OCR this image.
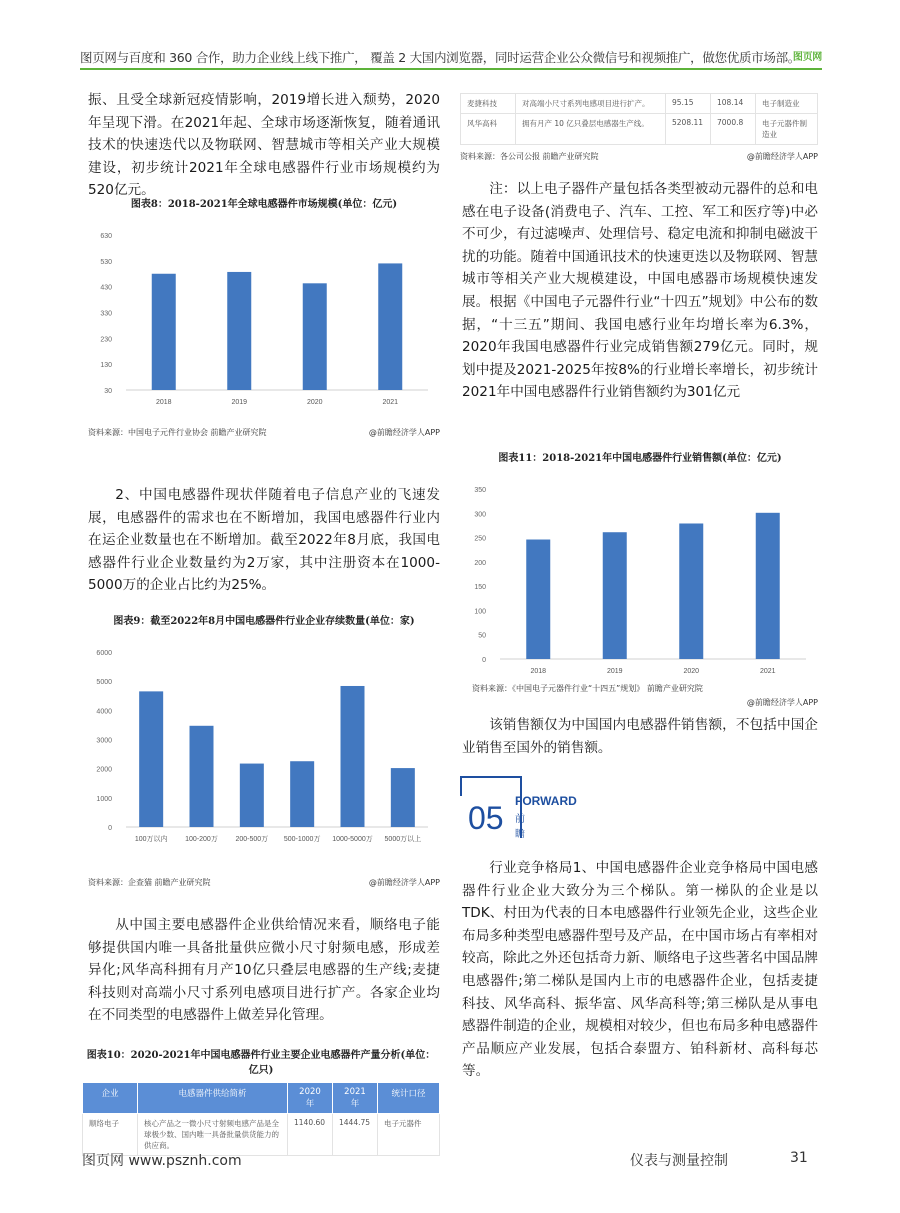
图页网与百度和 360 合作，助力企业线上线下推广， 覆盖 2 大国内浏览器，同时运营企业公众微信号和视频推广，做您优质市场部。
图页网
振、且受全球新冠疫情影响，2019增长进入颓势，2020年呈现下滑。在2021年起、全球市场逐渐恢复，随着通讯技术的快速迭代以及物联网、智慧城市等相关产业大规模建设，初步统计2021年全球电感器件行业市场规模约为520亿元。
图表8：2018-2021年全球电感器件市场规模(单位：亿元)
630
530
430
330
230
130
30
2018	2019	2020	2021
资料来源：中国电子元件行业协会 前瞻产业研究院	@前瞻经济学人APP
2、中国电感器件现状伴随着电子信息产业的飞速发展，电感器件的需求也在不断增加，我国电感器件行业内在运企业数量也在不断增加。截至2022年8月底，我国电感器件行业企业数量约为2万家，其中注册资本在1000-5000万的企业占比约为25%。
图表9：截至2022年8月中国电感器件行业企业存续数量(单位：家)
6000
5000
4000
3000
2000
1000
0
100万以内	100-200万	200-500万 500-1000万 1000-5000万 5000万以上
资料来源：企查猫 前瞻产业研究院	@前瞻经济学人APP
从中国主要电感器件企业供给情况来看，顺络电子能够提供国内唯一具备批量供应微小尺寸射频电感，形成差异化;风华高科拥有月产10亿只叠层电感器的生产线;麦捷科技则对高端小尺寸系列电感项目进行扩产。各家企业均在不同类型的电感器件上做差异化管理。
图表10：2020-2021年中国电感器件行业主要企业电感器件产量分析(单位：亿只)
企业	电感器件供给简析	2020 年	2021 年	统计口径
顺络电子	核心产品之一微小尺寸射频电感产品是全球极少数、国内唯一具备批量供货能力的供应商。	1140.60	1444.75	电子元器件
麦捷科技	对高端小尺寸系列电感项目进行扩产。	95.15	108.14	电子制造业
风华高科	拥有月产 10 亿只叠层电感器生产线。	5208.11	7000.8	电子元器件制造业
资料来源：各公司公报 前瞻产业研究院	@前瞻经济学人APP
注：以上电子器件产量包括各类型被动元器件的总和电感在电子设备(消费电子、汽车、工控、军工和医疗等)中必不可少，有过滤噪声、处理信号、稳定电流和抑制电磁波干扰的功能。随着中国通讯技术的快速更迭以及物联网、智慧城市等相关产业大规模建设，中国电感器市场规模快速发展。根据《中国电子元器件行业“十四五”规划》中公布的数据，“十三五”期间、我国电感行业年均增长率为6.3%，2020年我国电感器件行业完成销售额279亿元。同时，规划中提及2021-2025年按8%的行业增长率增长，初步统计2021年中国电感器件行业销售额约为301亿元
图表11：2018-2021年中国电感器件行业销售额(单位：亿元)
350
300
250
200
150
100
50
0
2018	2019	2020	2021
资料来源：《中国电子元器件行业“十四五”规划》 前瞻产业研究院
@前瞻经济学人APP
该销售额仅为中国国内电感器件销售额，不包括中国企业销售至国外的销售额。
05 FORWARD
前瞻
行业竞争格局1、中国电感器件企业竞争格局中国电感器件行业企业大致分为三个梯队。第一梯队的企业是以TDK、村田为代表的日本电感器件行业领先企业，这些企业布局多种类型电感器件型号及产品，在中国市场占有率相对较高，除此之外还包括奇力新、顺络电子这些著名中国品牌电感器件;第二梯队是国内上市的电感器件企业，包括麦捷科技、风华高科、振华富、风华高科等;第三梯队是从事电感器件制造的企业，规模相对较少，但也布局多种电感器件产品顺应产业发展，包括合泰盟方、铂科新材、高科每芯等。
图页网 www.psznh.com	仪表与测量控制	31
